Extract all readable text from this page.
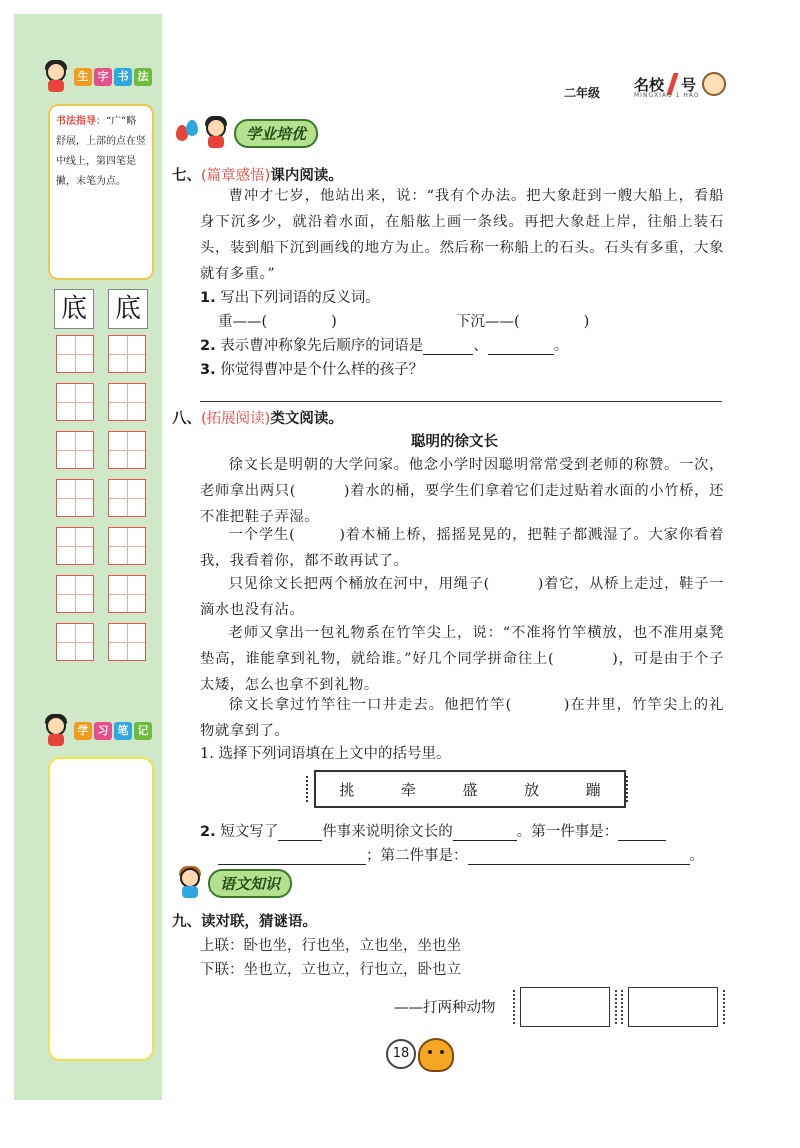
生 字 书 法
书法指导：“广”略舒展，上部的点在竖中线上，第四笔是撇，末笔为点。
底 底
学 习 笔 记
二年级 名校 号
MINGXIAO 1 HAO
学业培优
七、(篇章感悟)课内阅读。
曹冲才七岁，他站出来，说：“我有个办法。把大象赶到一艘大船上，看船身下沉多少，就沿着水面，在船舷上画一条线。再把大象赶上岸，往船上装石头，装到船下沉到画线的地方为止。然后称一称船上的石头。石头有多重，大象就有多重。”
1. 写出下列词语的反义词。
重——(	)	下沉——(	)
2. 表示曹冲称象先后顺序的词语是	、	。
3. 你觉得曹冲是个什么样的孩子？
八、(拓展阅读)类文阅读。
聪明的徐文长
徐文长是明朝的大学问家。他念小学时因聪明常常受到老师的称赞。一次，老师拿出两只(	)着水的桶，要学生们拿着它们走过贴着水面的小竹桥，还不准把鞋子弄湿。
一个学生(	)着木桶上桥，摇摇晃晃的，把鞋子都溅湿了。大家你看着我，我看着你，都不敢再试了。
只见徐文长把两个桶放在河中，用绳子(	)着它，从桥上走过，鞋子一滴水也没有沾。
老师又拿出一包礼物系在竹竿尖上，说：“不准将竹竿横放，也不准用桌凳垫高，谁能拿到礼物，就给谁。”好几个同学拼命往上(	)，可是由于个子太矮，怎么也拿不到礼物。
徐文长拿过竹竿往一口井走去。他把竹竿(	)在井里，竹竿尖上的礼物就拿到了。
1. 选择下列词语填在上文中的括号里。
挑	牵	盛	放	蹦
2. 短文写了	件事来说明徐文长的	。第一件事是：
；第二件事是：	。
语文知识
九、读对联，猜谜语。
上联：卧也坐，行也坐，立也坐，坐也坐
下联：坐也立，立也立，行也立，卧也立
——打两种动物
18
